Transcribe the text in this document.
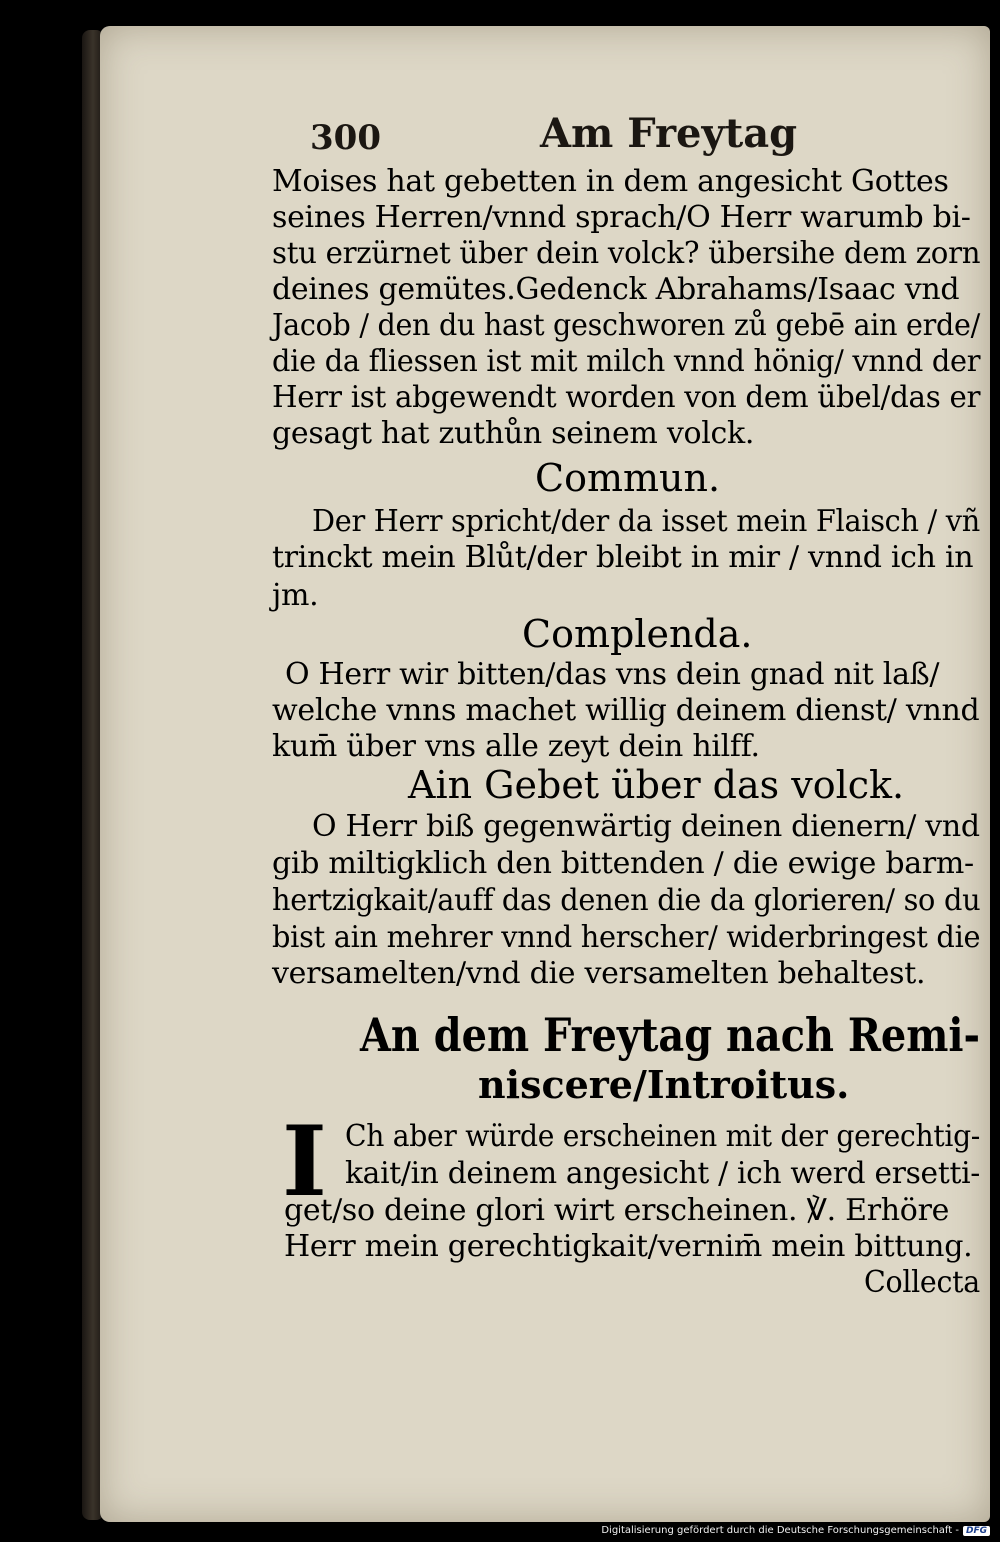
300	Am Freytag
Moises hat gebetten in dem angesicht Gottes
seines Herren/vnnd sprach/O Herr warumb bi-
stu erzürnet über dein volck? übersihe dem zorn
deines gemütes.Gedenck Abrahams/Isaac vnd
Jacob / den du hast geschworen zů gebē ain erde/
die da fliessen ist mit milch vnnd hönig/ vnnd der
Herr ist abgewendt worden von dem übel/das er
gesagt hat zuthůn seinem volck.
Commun.
Der Herr spricht/der da isset mein Flaisch / vñ
trinckt mein Blůt/der bleibt in mir / vnnd ich in
jm.
Complenda.
O Herr wir bitten/das vns dein gnad nit laß/
welche vnns machet willig deinem dienst/ vnnd
kum̄ über vns alle zeyt dein hilff.
Ain Gebet über das volck.
O Herr biß gegenwärtig deinen dienern/ vnd
gib miltigklich den bittenden / die ewige barm-
hertzigkait/auff das denen die da glorieren/ so du
bist ain mehrer vnnd herscher/ widerbringest die
versamelten/vnd die versamelten behaltest.
An dem Freytag nach Remi-
niscere/Introitus.
I Ch aber würde erscheinen mit der gerechtig-
kait/in deinem angesicht / ich werd ersetti-
get/so deine glori wirt erscheinen. ℣. Erhöre
Herr mein gerechtigkait/vernim̄ mein bittung.
Collecta
Digitalisierung gefördert durch die Deutsche Forschungsgemeinschaft - DFG
